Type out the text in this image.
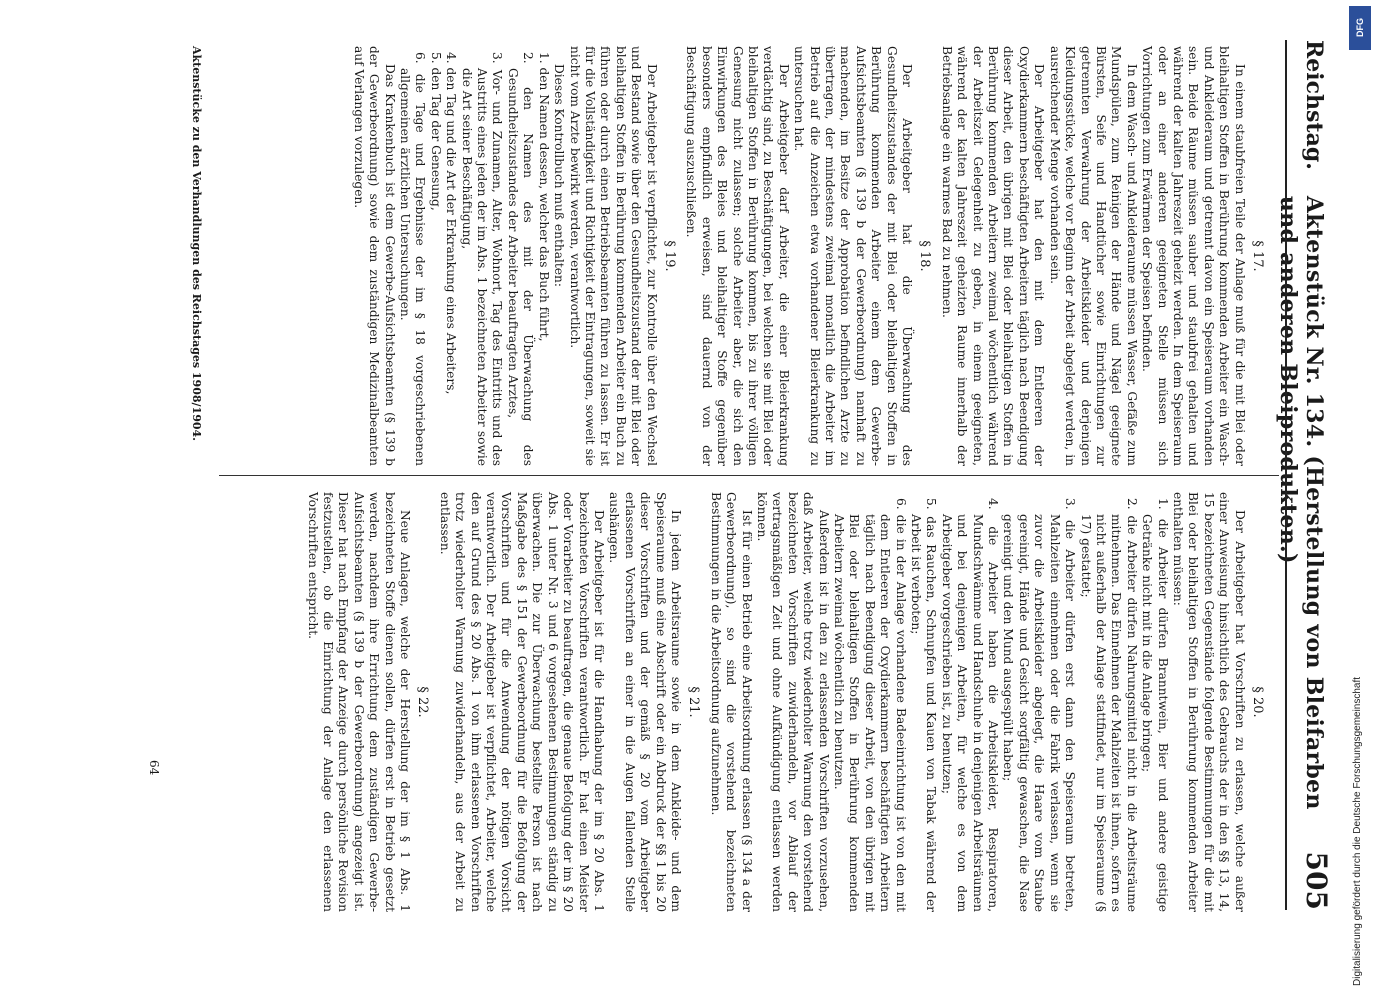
Reichstag.
Aktenstück Nr. 134. (Herstellung von Bleifarben und anderen Bleiprodukten.)
505
§ 17.

In einem staubfreien Teile der Anlage muß für die mit Blei oder bleihaltigen Stoffen in Berührung kommenden Arbeiter ein Wasch- und Ankleideraum und getrennt davon ein Speiseraum vorhanden sein. Beide Räume müssen sauber und staubfrei gehalten und während der kalten Jahreszeit geheizt werden. In dem Speiseraum oder an einer anderen geeigneten Stelle müssen sich Vorrichtungen zum Erwärmen der Speisen befinden.

In dem Wasch- und Ankleideraume müssen Wasser, Gefäße zum Mundspülen, zum Reinigen der Hände und Nägel geeignete Bürsten, Seife und Handtücher sowie Einrichtungen zur getrennten Verwahrung der Arbeitskleider und derjenigen Kleidungsstücke, welche vor Beginn der Arbeit abgelegt werden, in ausreichender Menge vorhanden sein.

Der Arbeitgeber hat den mit dem Entleeren der Oxydierkammern beschäftigten Arbeitern täglich nach Beendigung dieser Arbeit, den übrigen mit Blei oder bleihaltigen Stoffen in Berührung kommenden Arbeitern zweimal wöchentlich während der Arbeitszeit Gelegenheit zu geben, in einem geeigneten, während der kalten Jahreszeit geheizten Raume innerhalb der Betriebsanlage ein warmes Bad zu nehmen.

§ 18.

Der Arbeitgeber hat die Überwachung des Gesundheitszustandes der mit Blei oder bleihaltigen Stoffen in Berührung kommenden Arbeiter einem dem Gewerbe-Aufsichtsbeamten (§ 139 b der Gewerbeordnung) namhaft zu machenden, im Besitze der Approbation befindlichen Arzte zu übertragen, der mindestens zweimal monatlich die Arbeiter im Betrieb auf die Anzeichen etwa vorhandener Bleierkrankung zu untersuchen hat.

Der Arbeitgeber darf Arbeiter, die einer Bleierkrankung verdächtig sind, zu Beschäftigungen, bei welchen sie mit Blei oder bleihaltigen Stoffen in Berührung kommen, bis zu ihrer völligen Genesung nicht zulassen; solche Arbeiter aber, die sich den Einwirkungen des Bleies und bleihaltiger Stoffe gegenüber besonders empfindlich erweisen, sind dauernd von der Beschäftigung auszuschließen.

§ 19.

Der Arbeitgeber ist verpflichtet, zur Kontrolle über den Wechsel und Bestand sowie über den Gesundheitszustand der mit Blei oder bleihaltigen Stoffen in Berührung kommenden Arbeiter ein Buch zu führen oder durch einen Betriebsbeamten führen zu lassen. Er ist für die Vollständigkeit und Richtigkeit der Eintragungen, soweit sie nicht vom Arzte bewirkt werden, verantwortlich.

Dieses Kontrollbuch muß enthalten:

1. den Namen dessen, welcher das Buch führt,

2. den Namen des mit der Überwachung des Gesundheitszustandes der Arbeiter beauftragten Arztes,

3. Vor- und Zunamen, Alter, Wohnort, Tag des Eintritts und des Austritts eines jeden der im Abs. 1 bezeichneten Arbeiter sowie die Art seiner Beschäftigung,

4. den Tag und die Art der Erkrankung eines Arbeiters,

5. den Tag der Genesung,

6. die Tage und Ergebnisse der im § 18 vorgeschriebenen allgemeinen ärztlichen Untersuchungen.

Das Krankenbuch ist dem Gewerbe-Aufsichtsbeamten (§ 139 b der Gewerbeordnung) sowie dem zuständigen Medizinalbeamten auf Verlangen vorzulegen.

§ 20.

Der Arbeitgeber hat Vorschriften zu erlassen, welche außer einer Anweisung hinsichtlich des Gebrauchs der in den §§ 13, 14, 15 bezeichneten Gegenstände folgende Bestimmungen für die mit Blei oder bleihaltigen Stoffen in Berührung kommenden Arbeiter enthalten müssen:

1. die Arbeiter dürfen Branntwein, Bier und andere geistige Getränke nicht mit in die Anlage bringen;

2. die Arbeiter dürfen Nahrungsmittel nicht in die Arbeitsräume mitnehmen. Das Einnehmen der Mahlzeiten ist ihnen, sofern es nicht außerhalb der Anlage stattfindet, nur im Speiseraume (§ 17) gestattet;

3. die Arbeiter dürfen erst dann den Speiseraum betreten, Mahlzeiten einnehmen oder die Fabrik verlassen, wenn sie zuvor die Arbeitskleider abgelegt, die Haare vom Staube gereinigt, Hände und Gesicht sorgfältig gewaschen, die Nase gereinigt und den Mund ausgespült haben;

4. die Arbeiter haben die Arbeitskleider, Respiratoren, Mundschwämme und Handschuhe in denjenigen Arbeitsräumen und bei denjenigen Arbeiten, für welche es von dem Arbeitgeber vorgeschrieben ist, zu benutzen;

5. das Rauchen, Schnupfen und Kauen von Tabak während der Arbeit ist verboten;

6. die in der Anlage vorhandene Badeeinrichtung ist von den mit dem Entleeren der Oxydierkammern beschäftigten Arbeitern täglich nach Beendigung dieser Arbeit, von den übrigen mit Blei oder bleihaltigen Stoffen in Berührung kommenden Arbeitern zweimal wöchentlich zu benutzen.

Außerdem ist in den zu erlassenden Vorschriften vorzusehen, daß Arbeiter, welche trotz wiederholter Warnung den vorstehend bezeichneten Vorschriften zuwiderhandeln, vor Ablauf der vertragsmäßigen Zeit und ohne Aufkündigung entlassen werden können.

Ist für einen Betrieb eine Arbeitsordnung erlassen (§ 134 a der Gewerbeordnung), so sind die vorstehend bezeichneten Bestimmungen in die Arbeitsordnung aufzunehmen.

§ 21.

In jedem Arbeitsraume sowie in dem Ankleide- und dem Speiseraume muß eine Abschrift oder ein Abdruck der §§ 1 bis 20 dieser Vorschriften und der gemäß § 20 vom Arbeitgeber erlassenen Vorschriften an einer in die Augen fallenden Stelle aushängen.

Der Arbeitgeber ist für die Handhabung der im § 20 Abs. 1 bezeichneten Vorschriften verantwortlich. Er hat einen Meister oder Vorarbeiter zu beauftragen, die genaue Befolgung der im § 20 Abs. 1 unter Nr. 3 und 6 vorgesehenen Bestimmungen ständig zu überwachen. Die zur Überwachung bestellte Person ist nach Maßgabe des § 151 der Gewerbeordnung für die Befolgung der Vorschriften und für die Anwendung der nötigen Vorsicht verantwortlich. Der Arbeitgeber ist verpflichtet, Arbeiter, welche den auf Grund des § 20 Abs. 1 von ihm erlassenen Vorschriften trotz wiederholter Warnung zuwiderhandeln, aus der Arbeit zu entlassen.

§ 22.

Neue Anlagen, welche der Herstellung der im § 1 Abs. 1 bezeichneten Stoffe dienen sollen, dürfen erst in Betrieb gesetzt werden, nachdem ihre Errichtung dem zuständigen Gewerbe-Aufsichtsbeamten (§ 139 b der Gewerbeordnung) angezeigt ist. Dieser hat nach Empfang der Anzeige durch persönliche Revision festzustellen, ob die Einrichtung der Anlage den erlassenen Vorschriften entspricht.

Aktenstücke zu den Verhandlungen des Reichstages 1908/1904.
64
DFG
Digitalisierung gefördert durch die Deutsche Forschungsgemeinschaft
